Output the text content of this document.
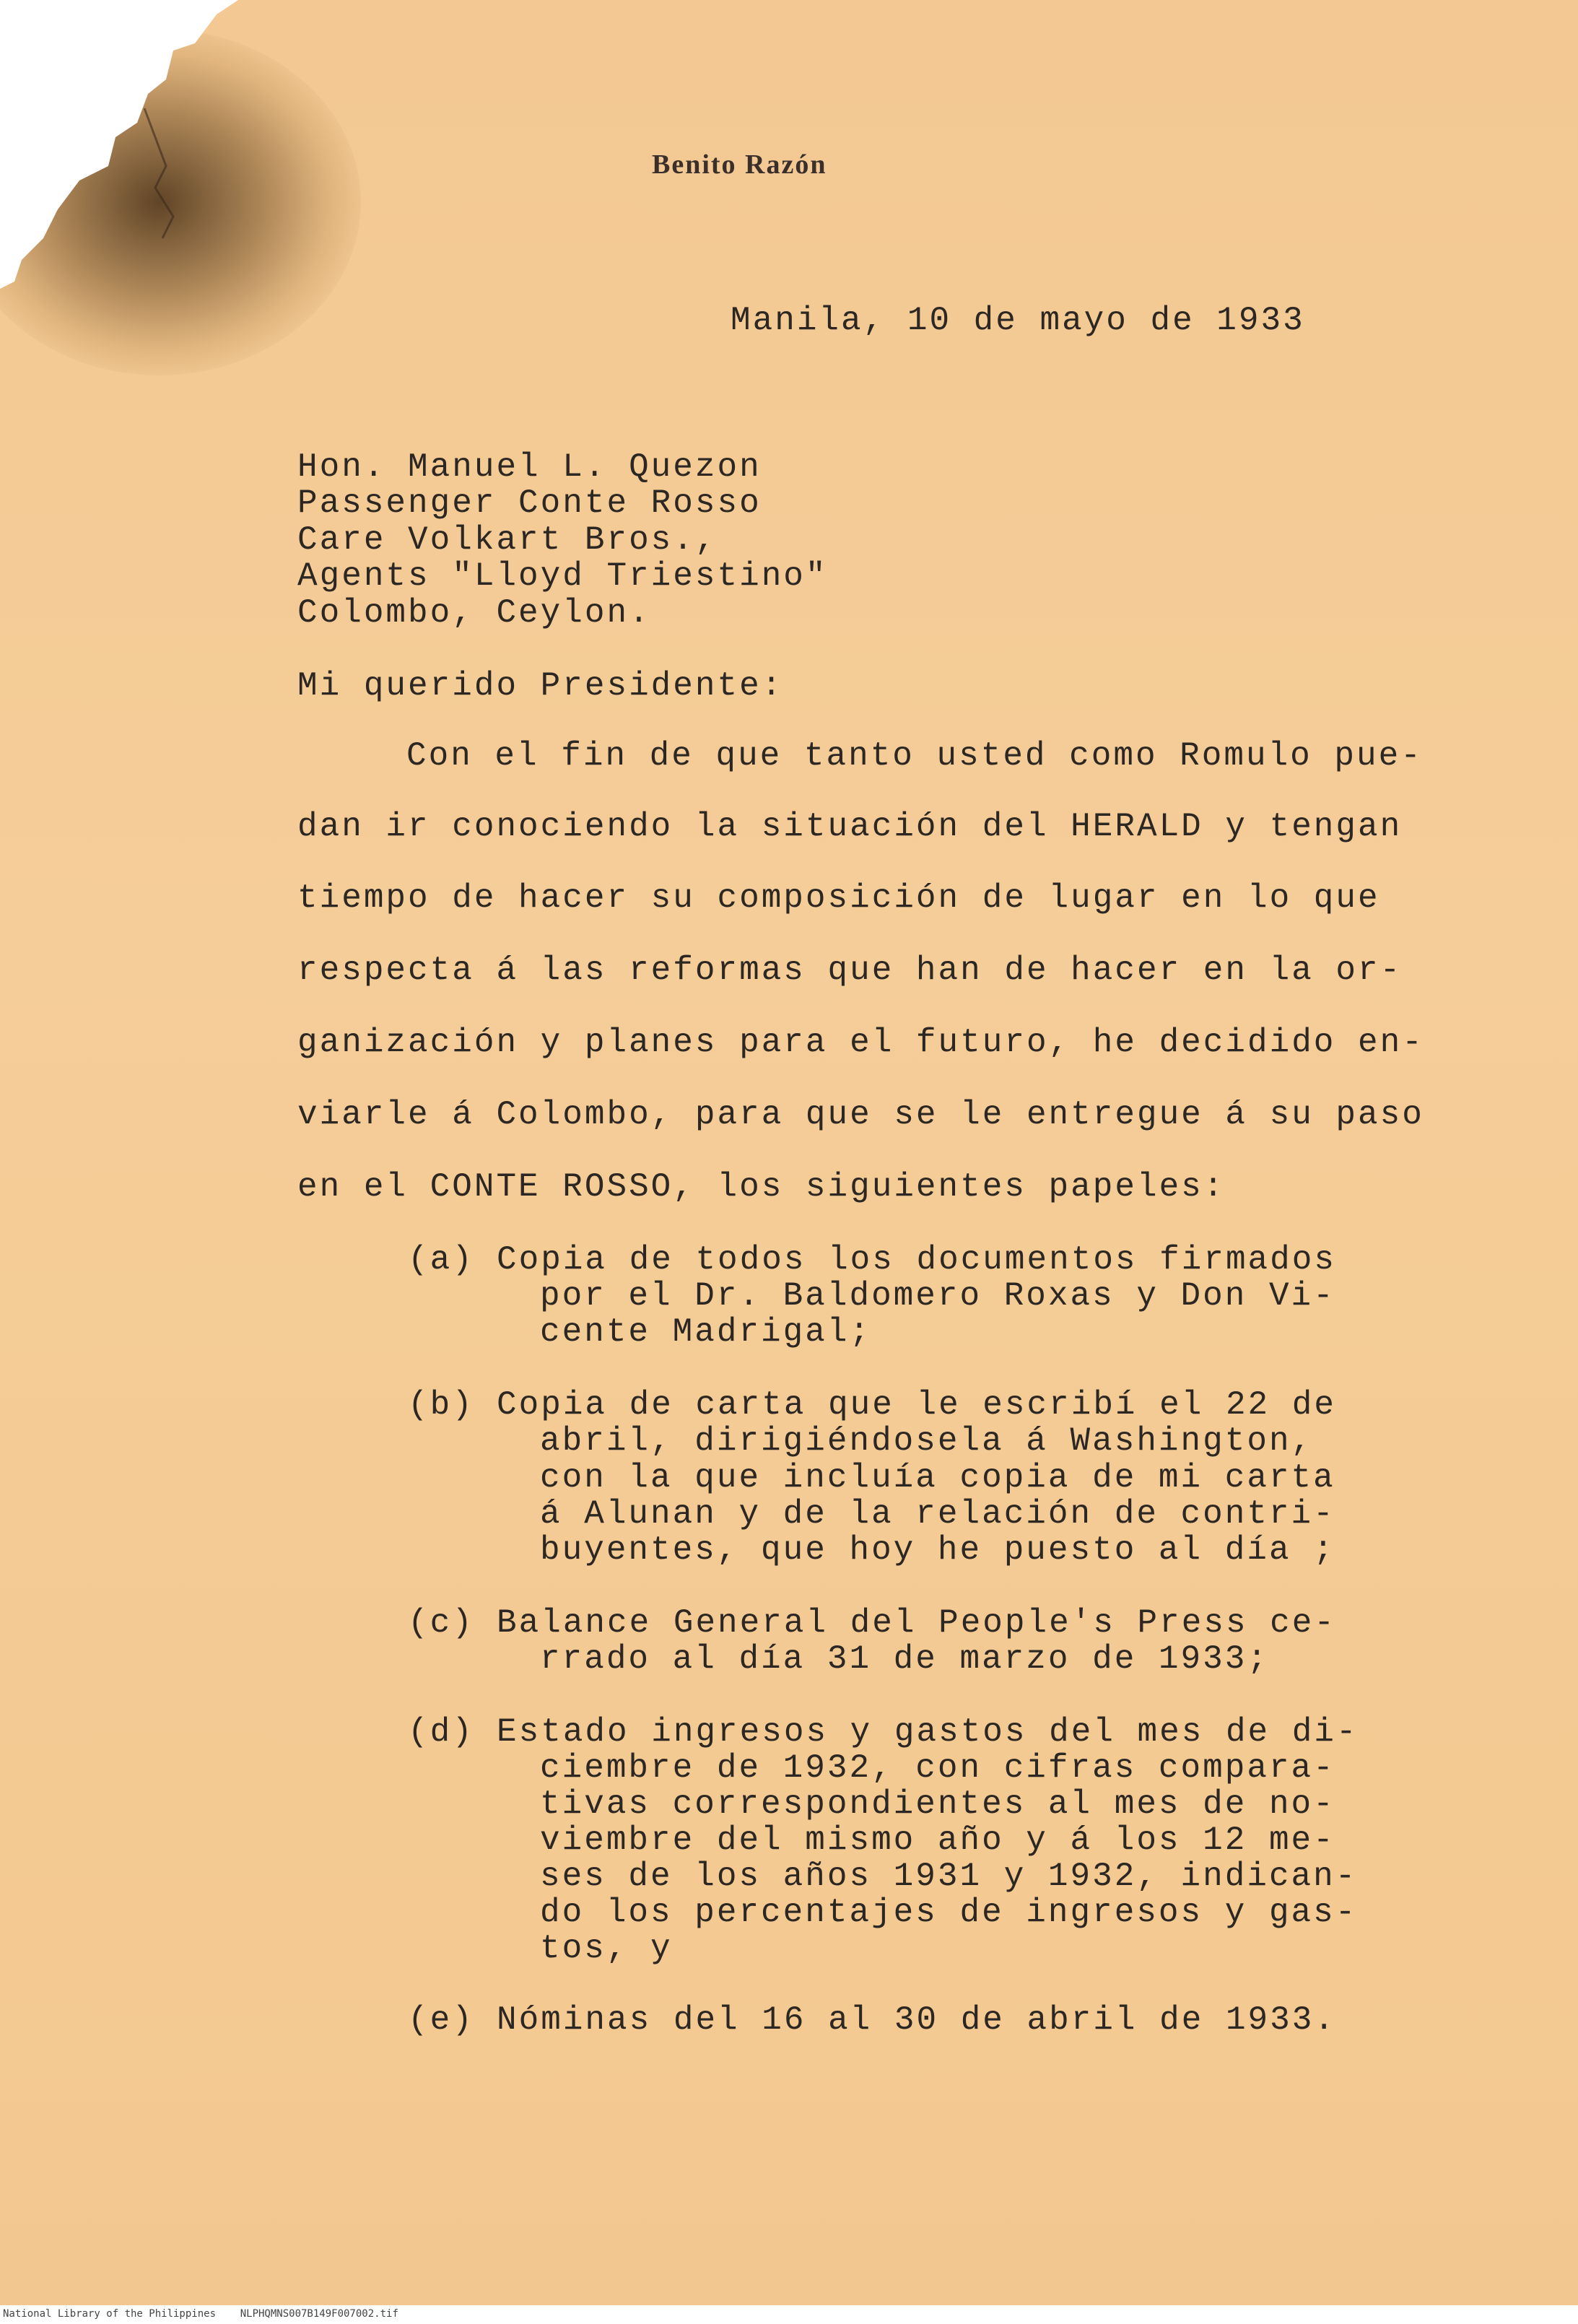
Benito Razón
Manila, 10 de mayo de 1933
Hon. Manuel L. Quezon
Passenger Conte Rosso
Care Volkart Bros.,
Agents "Lloyd Triestino"
Colombo, Ceylon.
Mi querido Presidente:
Con el fin de que tanto usted como Romulo pue-
dan ir conociendo la situación del HERALD y tengan
tiempo de hacer su composición de lugar en lo que
respecta á las reformas que han de hacer en la or-
ganización y planes para el futuro, he decidido en-
viarle á Colombo, para que se le entregue á su paso
en el CONTE ROSSO, los siguientes papeles:
(a) Copia de todos los documentos firmados
por el Dr. Baldomero Roxas y Don Vi-
cente Madrigal;
(b) Copia de carta que le escribí el 22 de
abril, dirigiéndosela á Washington,
con la que incluía copia de mi carta
á Alunan y de la relación de contri-
buyentes, que hoy he puesto al día ;
(c) Balance General del People's Press ce-
rrado al día 31 de marzo de 1933;
(d) Estado ingresos y gastos del mes de di-
ciembre de 1932, con cifras compara-
tivas correspondientes al mes de no-
viembre del mismo año y á los 12 me-
ses de los años 1931 y 1932, indican-
do los percentajes de ingresos y gas-
tos, y
(e) Nóminas del 16 al 30 de abril de 1933.
National Library of the Philippines    NLPHQMNS007B149F007002.tif
